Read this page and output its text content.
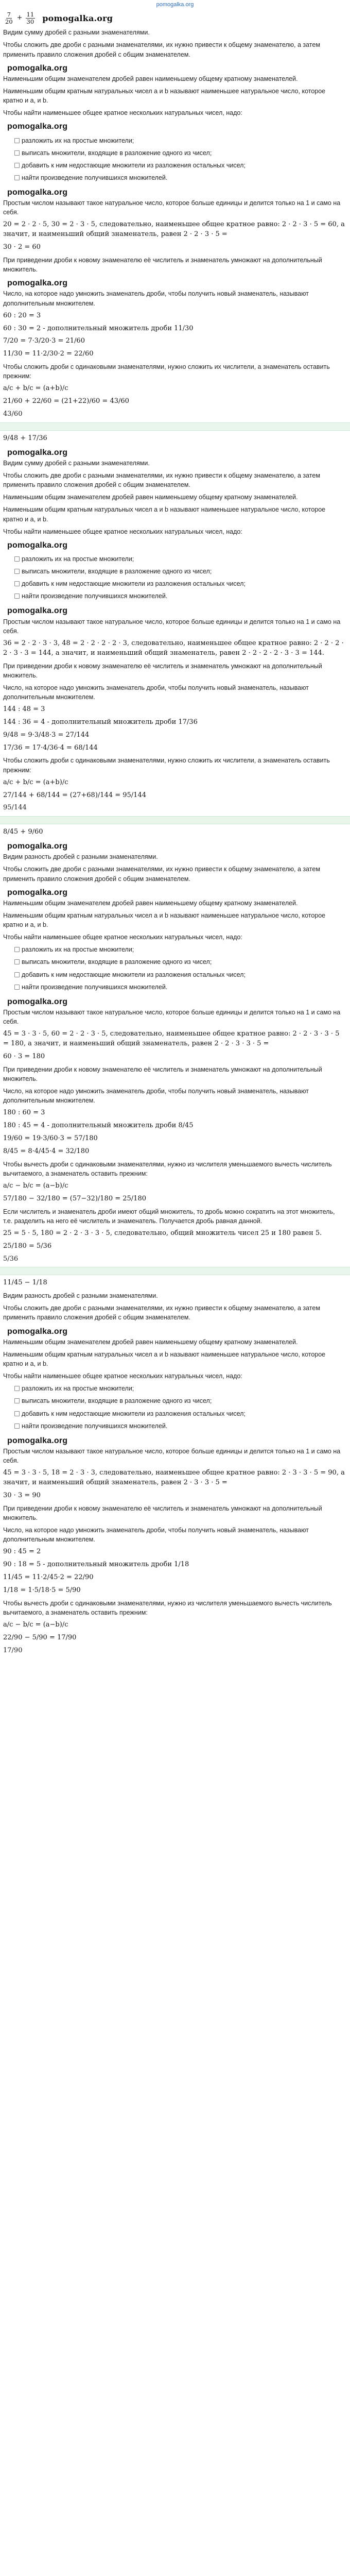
pomogalka.org
$\frac{7}{20} + \frac{11}{30}$ pomogalka.org

Видим сумму дробей с разными знаменателями.

Чтобы сложить две дроби с разными знаменателями, их нужно привести к общему знаменателю, а затем применить правило сложения дробей с общим знаменателем.

pomogalka.org

Наименьшим общим знаменателем дробей равен наименьшему общему кратному знаменателей.

Наименьшим общим кратным натуральных чисел a и b называют наименьшее натуральное число, которое кратно и a, и b.

Чтобы найти наименьшее общее кратное нескольких натуральных чисел, надо:

pomogalka.org
разложить их на простые множители;
выписать множители, входящие в разложение одного из чисел;
добавить к ним недостающие множители из разложения остальных чисел;
найти произведение получившихся множителей.
pomogalka.org

Простым числом называют такое натуральное число, которое больше единицы и делится только на 1 и само на себя.

20 = 2 · 2 · 5, 30 = 2 · 3 · 5, следовательно, наименьшее общее кратное равно: 2 · 2 · 3 · 5 = 60, а значит, и наименьший общий знаменатель, равен 2 · 2 · 3 · 5 =

30 · 2 = 60

При приведении дроби к новому знаменателю её числитель и знаменатель умножают на дополнительный множитель.

pomogalka.org

Число, на которое надо умножить знаменатель дроби, чтобы получить новый знаменатель, называют дополнительным множителем.

60 : 20 = 3

60 : 30 = 2 - дополнительный множитель дроби 11/30

7/20 = 7·3/20·3 = 21/60

11/30 = 11·2/30·2 = 22/60

Чтобы сложить дроби с одинаковыми знаменателями, нужно сложить их числители, а знаменатель оставить прежним:

a/c + b/c = (a+b)/c

21/60 + 22/60 = (21+22)/60 = 43/60

43/60

9/48 + 17/36

pomogalka.org

Видим сумму дробей с разными знаменателями.

Чтобы сложить две дроби с разными знаменателями, их нужно привести к общему знаменателю, а затем применить правило сложения дробей с общим знаменателем.

Наименьшим общим знаменателем дробей равен наименьшему общему кратному знаменателей.

Наименьшим общим кратным натуральных чисел a и b называют наименьшее натуральное число, которое кратно и a, и b.

Чтобы найти наименьшее общее кратное нескольких натуральных чисел, надо:

pomogalka.org
разложить их на простые множители;
выписать множители, входящие в разложение одного из чисел;
добавить к ним недостающие множители из разложения остальных чисел;
найти произведение получившихся множителей.
pomogalka.org

Простым числом называют такое натуральное число, которое больше единицы и делится только на 1 и само на себя.

36 = 2 · 2 · 3 · 3, 48 = 2 · 2 · 2 · 2 · 3, следовательно, наименьшее общее кратное равно: 2 · 2 · 2 · 2 · 3 · 3 = 144, а значит, и наименьший общий знаменатель, равен 2 · 2 · 2 · 2 · 3 · 3 = 144.

При приведении дроби к новому знаменателю её числитель и знаменатель умножают на дополнительный множитель.

Число, на которое надо умножить знаменатель дроби, чтобы получить новый знаменатель, называют дополнительным множителем.

144 : 48 = 3

144 : 36 = 4 - дополнительный множитель дроби 17/36

9/48 = 9·3/48·3 = 27/144

17/36 = 17·4/36·4 = 68/144

Чтобы сложить дроби с одинаковыми знаменателями, нужно сложить их числители, а знаменатель оставить прежним:

a/c + b/c = (a+b)/c

27/144 + 68/144 = (27+68)/144 = 95/144

95/144

8/45 + 9/60

pomogalka.org

Видим разность дробей с разными знаменателями.

Чтобы сложить две дроби с разными знаменателями, их нужно привести к общему знаменателю, а затем применить правило сложения дробей с общим знаменателем.

pomogalka.org

Наименьшим общим знаменателем дробей равен наименьшему общему кратному знаменателей.

Наименьшим общим кратным натуральных чисел a и b называют наименьшее натуральное число, которое кратно и a, и b.

Чтобы найти наименьшее общее кратное нескольких натуральных чисел, надо:

разложить их на простые множители;
выписать множители, входящие в разложение одного из чисел;
добавить к ним недостающие множители из разложения остальных чисел;
найти произведение получившихся множителей.
pomogalka.org

Простым числом называют такое натуральное число, которое больше единицы и делится только на 1 и само на себя.

45 = 3 · 3 · 5, 60 = 2 · 2 · 3 · 5, следовательно, наименьшее общее кратное равно: 2 · 2 · 3 · 3 · 5 = 180, а значит, и наименьший общий знаменатель, равен 2 · 2 · 3 · 3 · 5 =

60 · 3 = 180

При приведении дроби к новому знаменателю её числитель и знаменатель умножают на дополнительный множитель.

Число, на которое надо умножить знаменатель дроби, чтобы получить новый знаменатель, называют дополнительным множителем.

180 : 60 = 3

180 : 45 = 4 - дополнительный множитель дроби 8/45

19/60 = 19·3/60·3 = 57/180

8/45 = 8·4/45·4 = 32/180

Чтобы вычесть дроби с одинаковыми знаменателями, нужно из числителя уменьшаемого вычесть числитель вычитаемого, а знаменатель оставить прежним:

a/c − b/c = (a−b)/c

57/180 − 32/180 = (57−32)/180 = 25/180

Если числитель и знаменатель дроби имеют общий множитель, то дробь можно сократить на этот множитель, т.е. разделить на него её числитель и знаменатель. Получается дробь равная данной.

25 = 5 · 5, 180 = 2 · 2 · 3 · 3 · 5, следовательно, общий множитель чисел 25 и 180 равен 5.

25/180 = 5/36

5/36

11/45 − 1/18

Видим разность дробей с разными знаменателями.

Чтобы сложить две дроби с разными знаменателями, их нужно привести к общему знаменателю, а затем применить правило сложения дробей с общим знаменателем.

pomogalka.org

Наименьшим общим знаменателем дробей равен наименьшему общему кратному знаменателей.

Наименьшим общим кратным натуральных чисел a и b называют наименьшее натуральное число, которое кратно и a, и b.

Чтобы найти наименьшее общее кратное нескольких натуральных чисел, надо:

разложить их на простые множители;
выписать множители, входящие в разложение одного из чисел;
добавить к ним недостающие множители из разложения остальных чисел;
найти произведение получившихся множителей.
pomogalka.org

Простым числом называют такое натуральное число, которое больше единицы и делится только на 1 и само на себя.

45 = 3 · 3 · 5, 18 = 2 · 3 · 3, следовательно, наименьшее общее кратное равно: 2 · 3 · 3 · 5 = 90, а значит, и наименьший общий знаменатель, равен 2 · 3 · 3 · 5 =

30 · 3 = 90

При приведении дроби к новому знаменателю её числитель и знаменатель умножают на дополнительный множитель.

Число, на которое надо умножить знаменатель дроби, чтобы получить новый знаменатель, называют дополнительным множителем.

90 : 45 = 2

90 : 18 = 5 - дополнительный множитель дроби 1/18

11/45 = 11·2/45·2 = 22/90

1/18 = 1·5/18·5 = 5/90

Чтобы вычесть дроби с одинаковыми знаменателями, нужно из числителя уменьшаемого вычесть числитель вычитаемого, а знаменатель оставить прежним:

a/c − b/c = (a−b)/c

22/90 − 5/90 = 17/90

17/90
